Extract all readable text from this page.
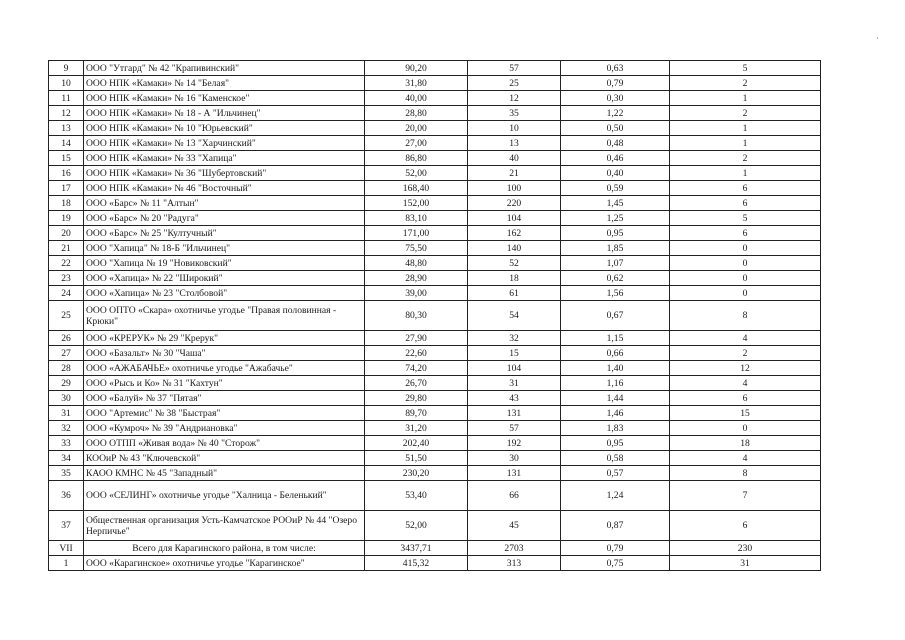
·
9	ООО "Утгард" № 42 "Крапивинский"	90,20	57	0,63	5
10	ООО НПК «Камаки» № 14 "Белая"	31,80	25	0,79	2
11	ООО НПК «Камаки» № 16 "Каменское"	40,00	12	0,30	1
12	ООО НПК «Камаки» № 18 - А "Ильчинец"	28,80	35	1,22	2
13	ООО НПК «Камаки» № 10 "Юрьевский"	20,00	10	0,50	1
14	ООО НПК «Камаки» № 13 "Харчинский"	27,00	13	0,48	1
15	ООО НПК «Камаки» № 33 "Хапица"	86,80	40	0,46	2
16	ООО НПК «Камаки» № 36 "Шубертовский"	52,00	21	0,40	1
17	ООО НПК «Камаки» № 46 "Восточный"	168,40	100	0,59	6
18	ООО «Барс» № 11 "Алтын"	152,00	220	1,45	6
19	ООО «Барс» № 20 "Радуга"	83,10	104	1,25	5
20	ООО «Барс» № 25 "Култучный"	171,00	162	0,95	6
21	ООО "Хапица" № 18-Б "Ильчинец"	75,50	140	1,85	0
22	ООО "Хапица № 19 "Новиковский"	48,80	52	1,07	0
23	ООО «Хапица» № 22 "Широкий"	28,90	18	0,62	0
24	ООО «Хапица» № 23 "Столбовой"	39,00	61	1,56	0
25	ООО ОПТО «Скара» охотничье угодье "Правая половинная - Крюки"	80,30	54	0,67	8
26	ООО «КРЕРУК» № 29 "Крерук"	27,90	32	1,15	4
27	ООО «Базальт» № 30 "Чаша"	22,60	15	0,66	2
28	ООО «АЖАБАЧЬЕ» охотничье угодье "Ажабачье"	74,20	104	1,40	12
29	ООО «Рысь и Ко» № 31 "Кахтун"	26,70	31	1,16	4
30	ООО «Балуй» № 37 "Пятая"	29,80	43	1,44	6
31	ООО "Артемис" № 38 "Быстрая"	89,70	131	1,46	15
32	ООО «Кумроч» № 39 "Андриановка"	31,20	57	1,83	0
33	ООО ОТПП «Живая вода» № 40 "Сторож"	202,40	192	0,95	18
34	КООиР № 43 "Ключевской"	51,50	30	0,58	4
35	КАОО КМНС № 45 "Западный"	230,20	131	0,57	8
36	ООО «СЕЛИНГ» охотничье угодье "Халница - Беленький"	53,40	66	1,24	7
37	Общественная организация Усть-Камчатское РООиР № 44 "Озеро Нерпичье"	52,00	45	0,87	6
VII	Всего для Карагинского района, в том числе:	3437,71	2703	0,79	230
1	ООО «Карагинское» охотничье угодье "Карагинское"	415,32	313	0,75	31
